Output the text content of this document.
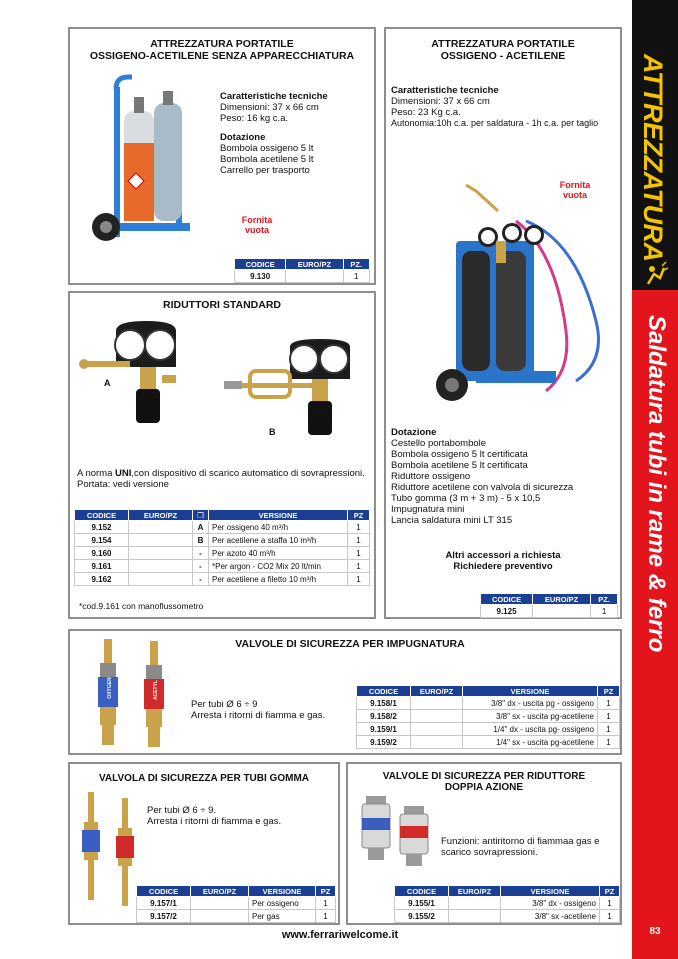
ATTREZZATURA
Saldatura tubi in rame & ferro
83
ATTREZZATURA PORTATILE
OSSIGENO-ACETILENE SENZA APPARECCHIATURA
Caratteristiche tecniche
Dimensioni: 37 x 66 cm
Peso: 16 kg c.a.
Dotazione
Bombola ossigeno 5 lt
Bombola acetilene 5 lt
Carrello per trasporto
Fornita
vuota
CODICE	EURO/PZ	PZ.
9.130		1
ATTREZZATURA PORTATILE
OSSIGENO - ACETILENE
Caratteristiche tecniche
Dimensioni: 37 x 66 cm
Peso: 23 Kg c.a.
Autonomia:10h c.a. per saldatura - 1h c.a. per taglio
Fornita
vuota
Dotazione
Cestello portabombole
Bombola ossigeno 5 lt certificata
Bombola acetilene 5 lt certificata
Riduttore ossigeno
Riduttore acetilene con valvola di sicurezza
Tubo gomma (3 m + 3 m) - 5 x 10,5
Impugnatura mini
Lancia saldatura mini LT 315
Altri accessori a richiesta
Richiedere preventivo
CODICE	EURO/PZ	PZ.
9.125		1
RIDUTTORI STANDARD
A
B
A norma UNI,con dispositivo di scarico automatico di sovrapressioni.
Portata: vedi versione
CODICE	EURO/PZ	❐	VERSIONE	PZ
9.152		A	Per ossigeno 40 m³/h	1
9.154		B	Per acetilene a staffa 10 m³/h	1
9.160		-	Per azoto 40 m³/h	1
9.161		-	*Per argon - CO2 Mix 20 lt/min	1
9.162		-	Per acetilene a filetto 10 m³/h	1
*cod.9.161 con manoflussometro
VALVOLE DI SICUREZZA PER IMPUGNATURA
OXYGEN	ACETYL
Per tubi Ø 6 ÷ 9
Arresta i ritorni di fiamma e gas.
CODICE	EURO/PZ	VERSIONE	PZ
9.158/1		3/8" dx - uscita pg - ossigeno	1
9.158/2		3/8" sx - uscita pg-acetilene	1
9.159/1		1/4" dx - uscita pg- ossigeno	1
9.159/2		1/4" sx - uscita pg-acetilene	1
VALVOLA DI SICUREZZA PER TUBI GOMMA
Per tubi Ø 6 ÷ 9.
Arresta i ritorni di fiamma e gas.
CODICE	EURO/PZ	VERSIONE	PZ
9.157/1		Per ossigeno	1
9.157/2		Per gas	1
VALVOLE DI SICUREZZA PER RIDUTTORE
DOPPIA AZIONE
Funzioni: antiritorno di fiammaa gas e
scarico sovrapressioni.
CODICE	EURO/PZ	VERSIONE	PZ
9.155/1		3/8" dx - ossigeno	1
9.155/2		3/8" sx -acetilene	1
www.ferrariwelcome.it
